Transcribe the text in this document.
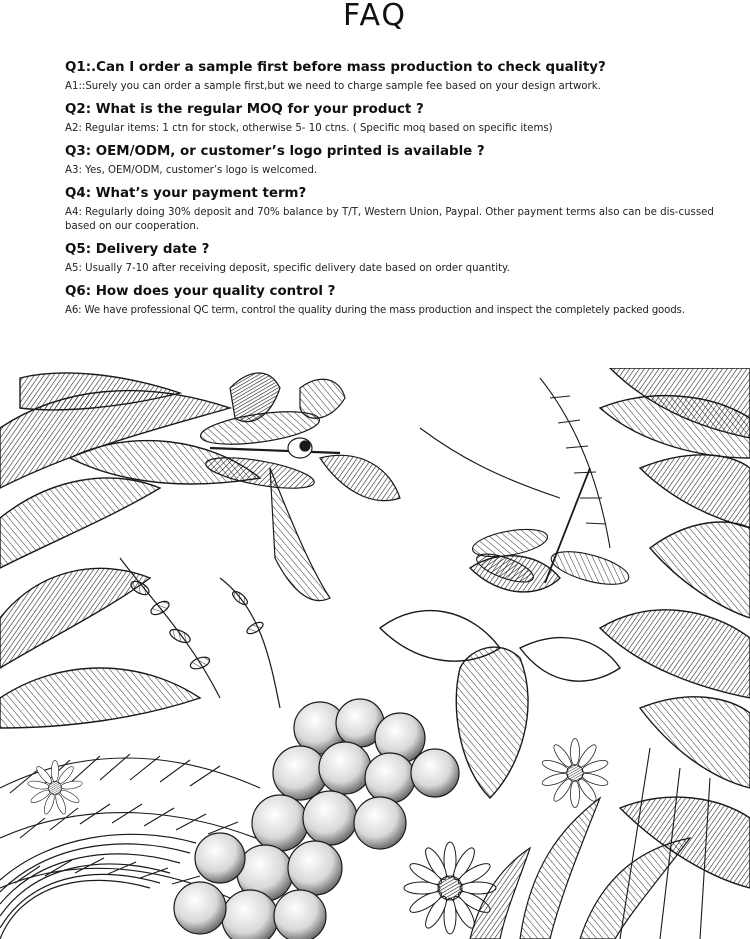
FAQ
Q1:.Can I order a sample first before mass production to check quality?
A1::Surely you can order a sample first,but we need to charge sample fee based on your design artwork.
Q2: What is the regular MOQ for your product ?
A2: Regular items: 1 ctn for stock, otherwise 5- 10 ctns. ( Specific moq based on specific items)
Q3: OEM/ODM, or customer’s logo printed is available ?
A3: Yes, OEM/ODM, customer’s logo is welcomed.
Q4: What’s your payment term?
A4: Regularly doing 30% deposit and 70% balance by T/T, Western Union, Paypal. Other payment terms also can be dis-cussed based on our cooperation.
Q5: Delivery date ?
A5: Usually 7-10 after receiving deposit, specific delivery date based on order quantity.
Q6: How does your quality control ?
A6: We have professional QC term, control the quality during the mass production and inspect the completely packed goods.
